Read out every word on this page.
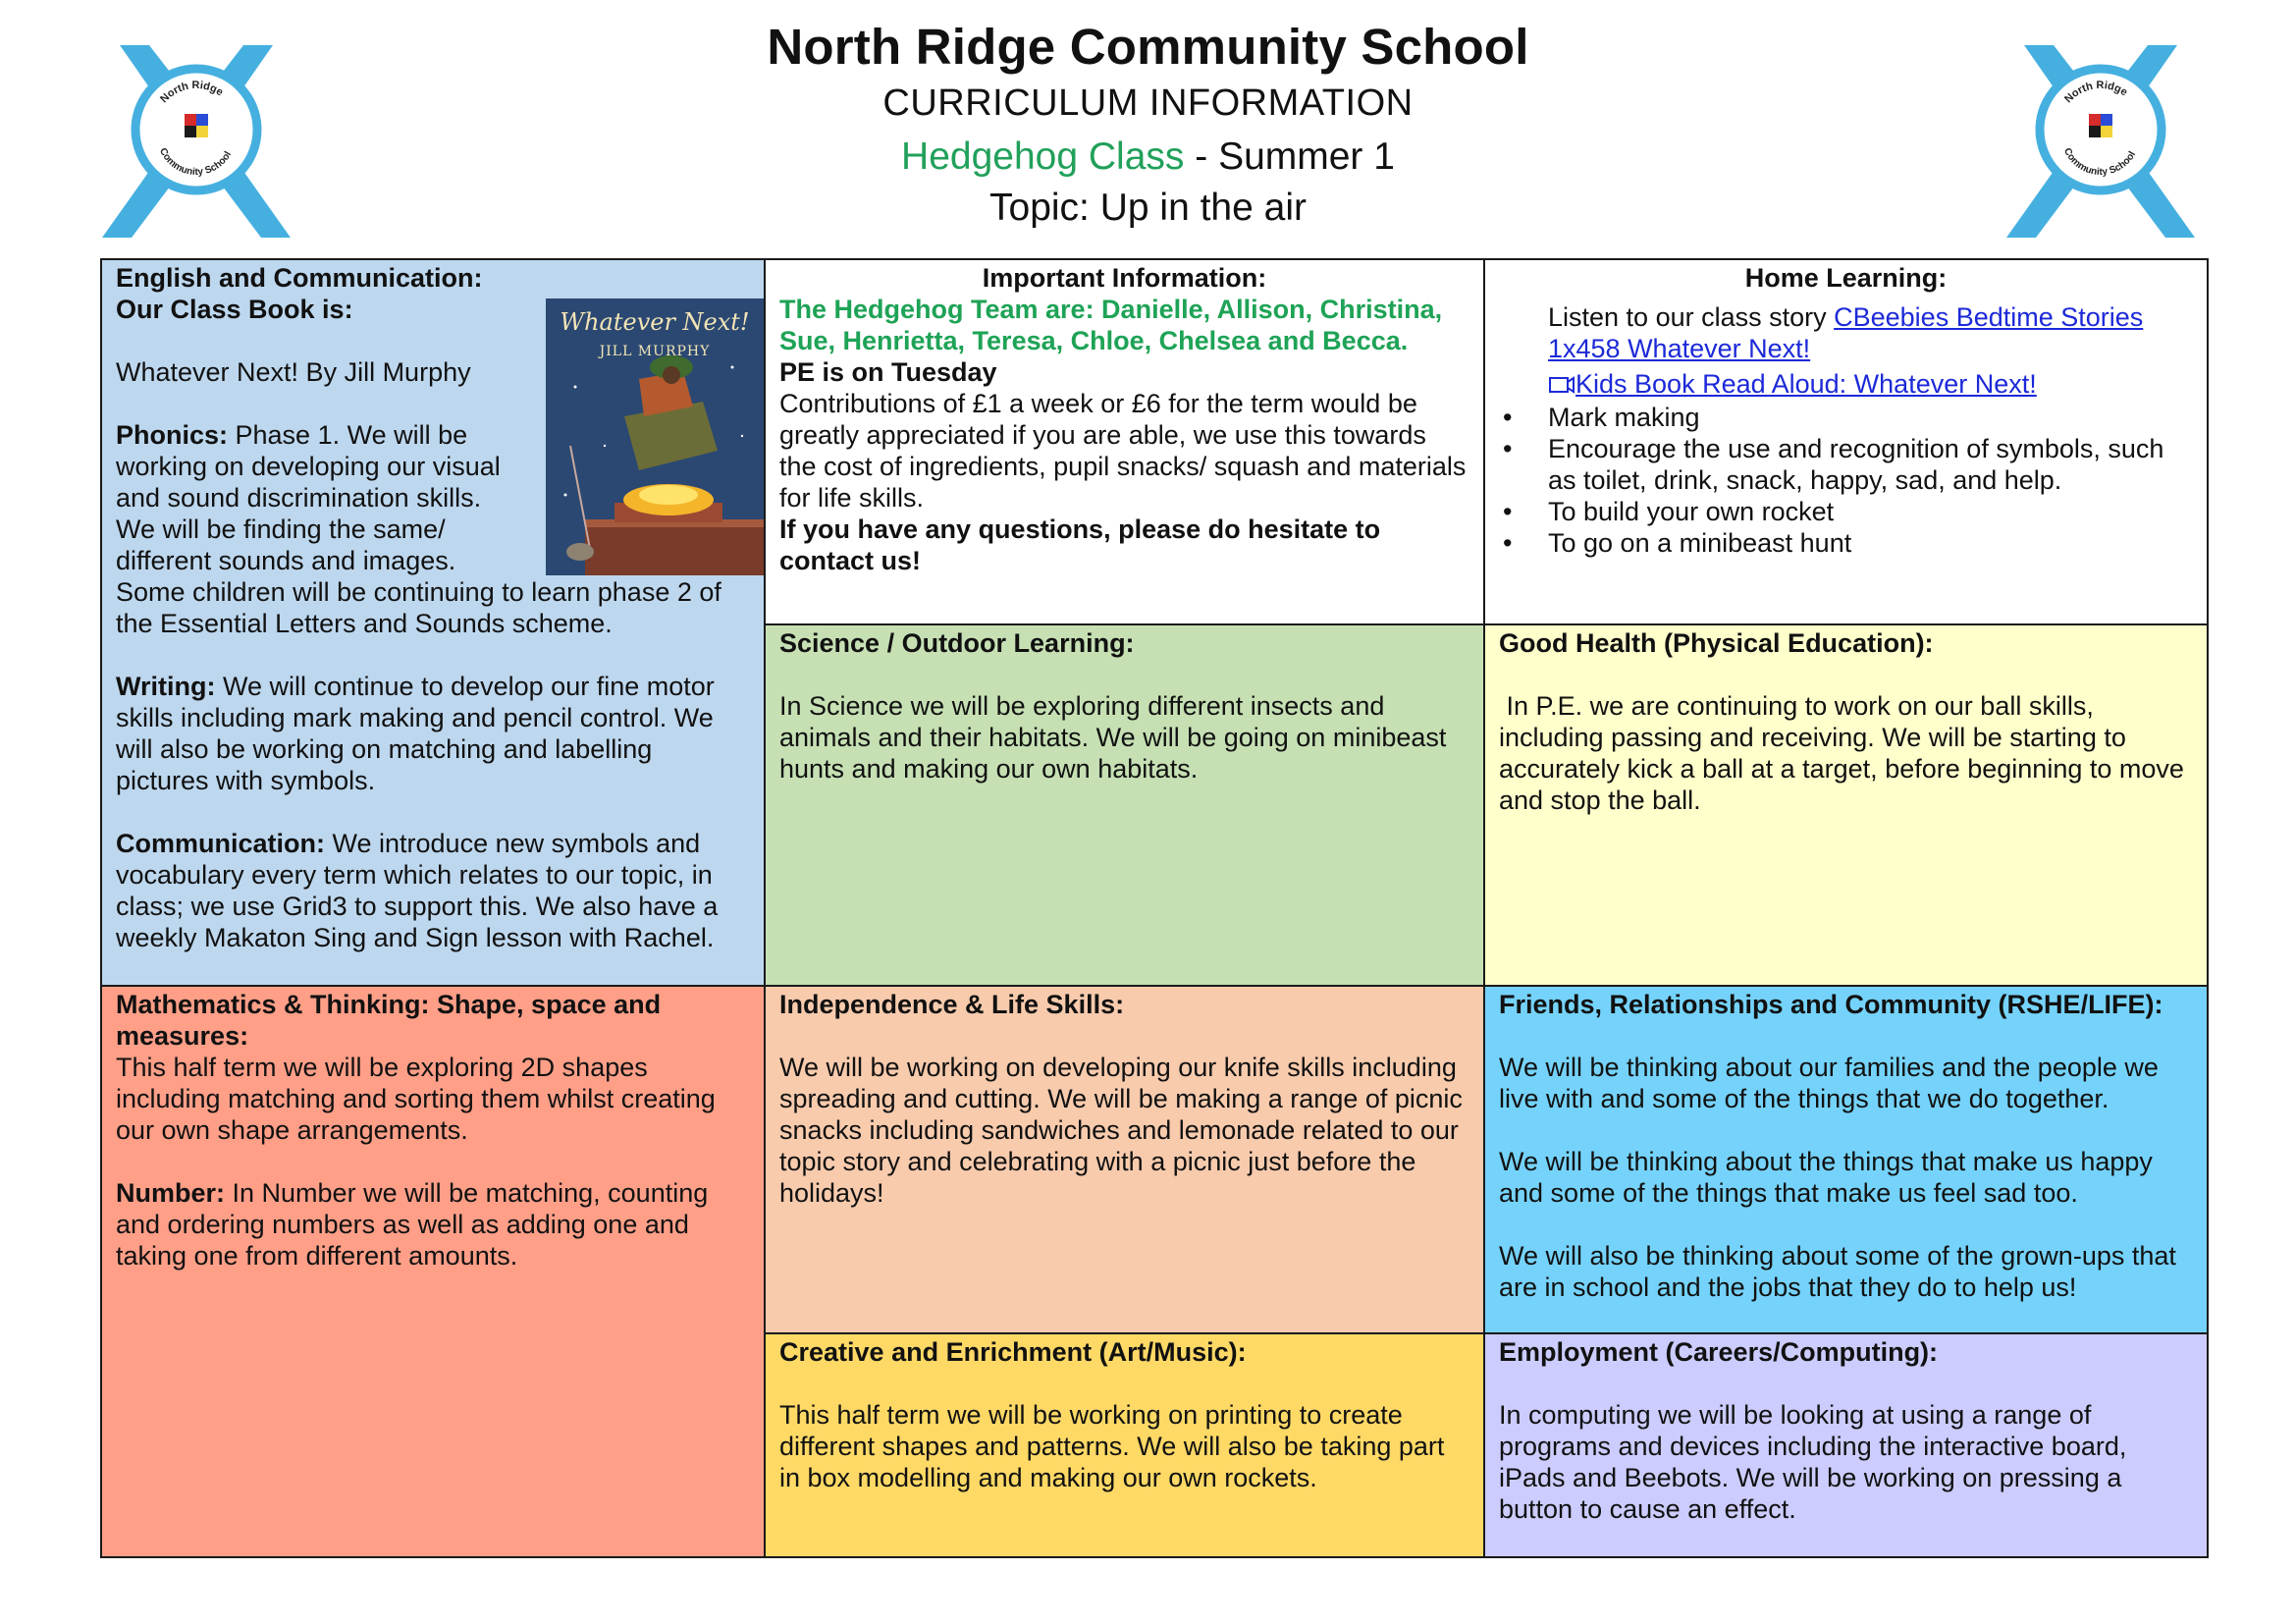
North Ridge
Community School
North Ridge Community School
CURRICULUM INFORMATION
Hedgehog Class - Summer 1
Topic: Up in the air
North Ridge
Community School
English and Communication:
Our Class Book is:
Whatever Next! By Jill Murphy
Phonics: Phase 1. We will be
working on developing our visual
and sound discrimination skills.
We will be finding the same/
different sounds and images.
Some children will be continuing to learn phase 2 of
the Essential Letters and Sounds scheme.
Writing: We will continue to develop our fine motor skills including mark making and pencil control. We will also be working on matching and labelling pictures with symbols.
Communication: We introduce new symbols and vocabulary every term which relates to our topic, in class; we use Grid3 to support this. We also have a weekly Makaton Sing and Sign lesson with Rachel.
Whatever Next!
JILL MURPHY
Important Information:
The Hedgehog Team are: Danielle, Allison, Christina, Sue, Henrietta, Teresa, Chloe, Chelsea and Becca.
PE is on Tuesday
Contributions of £1 a week or £6 for the term would be greatly appreciated if you are able, we use this towards the cost of ingredients, pupil snacks/ squash and materials for life skills.
If you have any questions, please do hesitate to contact us!
Home Learning:
Listen to our class story CBeebies Bedtime Stories 1x458 Whatever Next!
Kids Book Read Aloud: Whatever Next!
• Mark making
• Encourage the use and recognition of symbols, such as toilet, drink, snack, happy, sad, and help.
• To build your own rocket
• To go on a minibeast hunt
Science / Outdoor Learning:
In Science we will be exploring different insects and animals and their habitats. We will be going on minibeast hunts and making our own habitats.
Good Health (Physical Education):
In P.E. we are continuing to work on our ball skills, including passing and receiving. We will be starting to accurately kick a ball at a target, before beginning to move and stop the ball.
Mathematics & Thinking: Shape, space and measures:
This half term we will be exploring 2D shapes including matching and sorting them whilst creating our own shape arrangements.
Number: In Number we will be matching, counting and ordering numbers as well as adding one and taking one from different amounts.
Independence & Life Skills:
We will be working on developing our knife skills including spreading and cutting. We will be making a range of picnic snacks including sandwiches and lemonade related to our topic story and celebrating with a picnic just before the holidays!
Friends, Relationships and Community (RSHE/LIFE):
We will be thinking about our families and the people we live with and some of the things that we do together.
We will be thinking about the things that make us happy and some of the things that make us feel sad too.
We will also be thinking about some of the grown-ups that are in school and the jobs that they do to help us!
Creative and Enrichment (Art/Music):
This half term we will be working on printing to create different shapes and patterns. We will also be taking part in box modelling and making our own rockets.
Employment (Careers/Computing):
In computing we will be looking at using a range of programs and devices including the interactive board, iPads and Beebots. We will be working on pressing a button to cause an effect.
